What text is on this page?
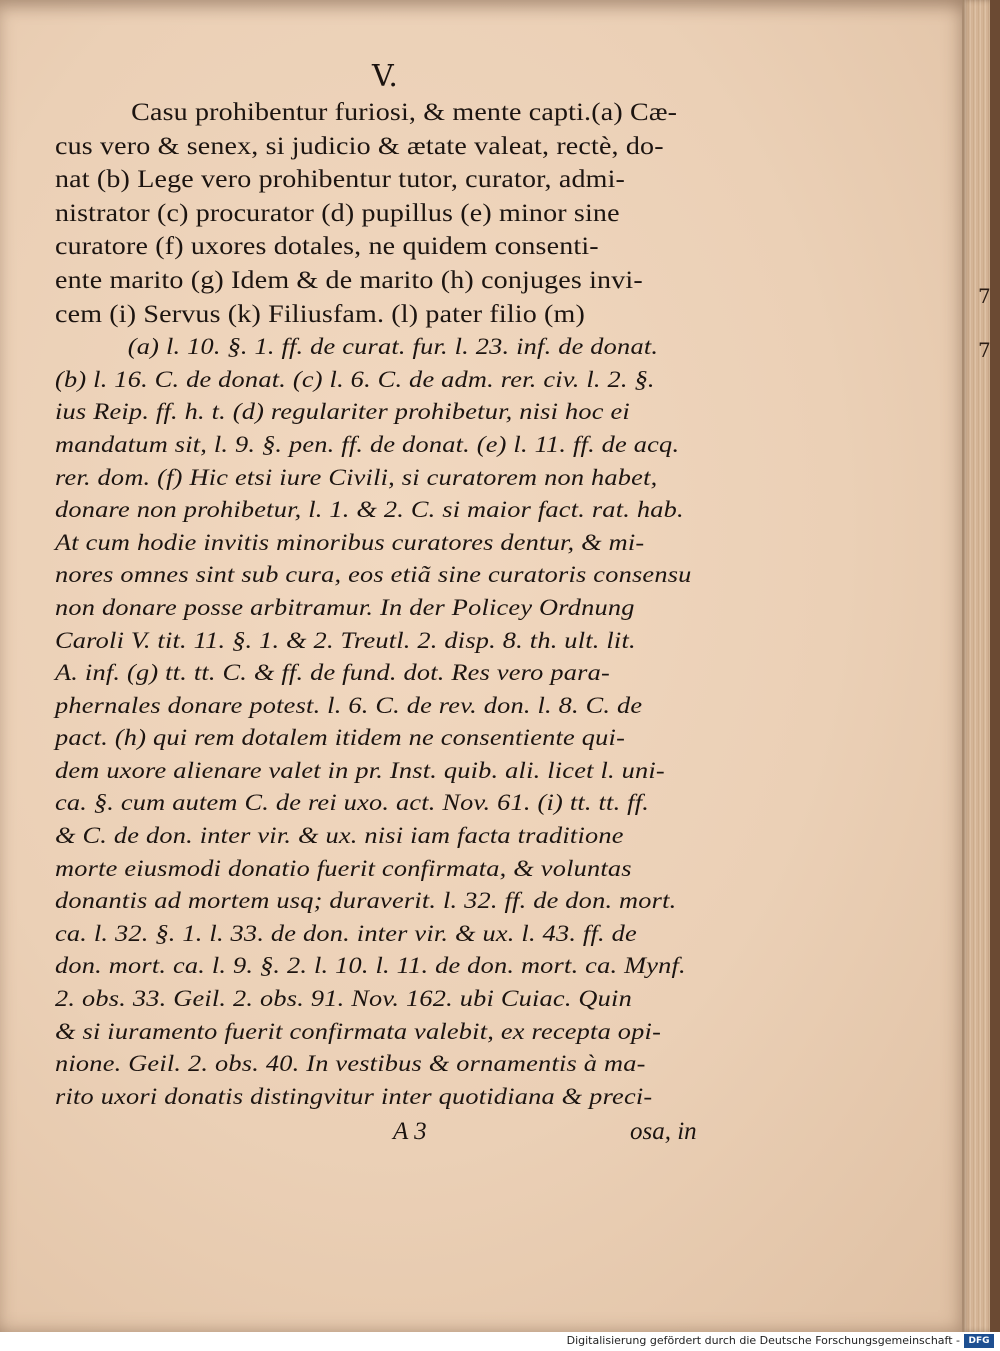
7
7
V.
Casu prohibentur furiosi, & mente capti.(a) Cæ-
cus vero & senex, si judicio & ætate valeat, rectè, do-
nat (b) Lege vero prohibentur tutor, curator, admi-
nistrator (c) procurator (d) pupillus (e) minor sine
curatore (f) uxores dotales, ne quidem consenti-
ente marito (g) Idem & de marito (h) conjuges invi-
cem (i) Servus (k) Filiusfam. (l) pater filio (m)
(a) l. 10. §. 1. ff. de curat. fur. l. 23. inf. de donat.
(b) l. 16. C. de donat. (c) l. 6. C. de adm. rer. civ. l. 2. §.
ius Reip. ff. h. t. (d) regulariter prohibetur, nisi hoc ei
mandatum sit, l. 9. §. pen. ff. de donat. (e) l. 11. ff. de acq.
rer. dom. (f) Hic etsi iure Civili, si curatorem non habet,
donare non prohibetur, l. 1. & 2. C. si maior fact. rat. hab.
At cum hodie invitis minoribus curatores dentur, & mi-
nores omnes sint sub cura, eos etiã sine curatoris consensu
non donare posse arbitramur. In der Policey Ordnung
Caroli V. tit. 11. §. 1. & 2. Treutl. 2. disp. 8. th. ult. lit.
A. inf. (g) tt. tt. C. & ff. de fund. dot. Res vero para-
phernales donare potest. l. 6. C. de rev. don. l. 8. C. de
pact. (h) qui rem dotalem itidem ne consentiente qui-
dem uxore alienare valet in pr. Inst. quib. ali. licet l. uni-
ca. §. cum autem C. de rei uxo. act. Nov. 61. (i) tt. tt. ff.
& C. de don. inter vir. & ux. nisi iam facta traditione
morte eiusmodi donatio fuerit confirmata, & voluntas
donantis ad mortem usq; duraverit. l. 32. ff. de don. mort.
ca. l. 32. §. 1. l. 33. de don. inter vir. & ux. l. 43. ff. de
don. mort. ca. l. 9. §. 2. l. 10. l. 11. de don. mort. ca. Mynf.
2. obs. 33. Geil. 2. obs. 91. Nov. 162. ubi Cuiac. Quin
& si iuramento fuerit confirmata valebit, ex recepta opi-
nione. Geil. 2. obs. 40. In vestibus & ornamentis à ma-
rito uxori donatis distingvitur inter quotidiana & preci-
A 3	osa, in
Digitalisierung gefördert durch die Deutsche Forschungsgemeinschaft - DFG
